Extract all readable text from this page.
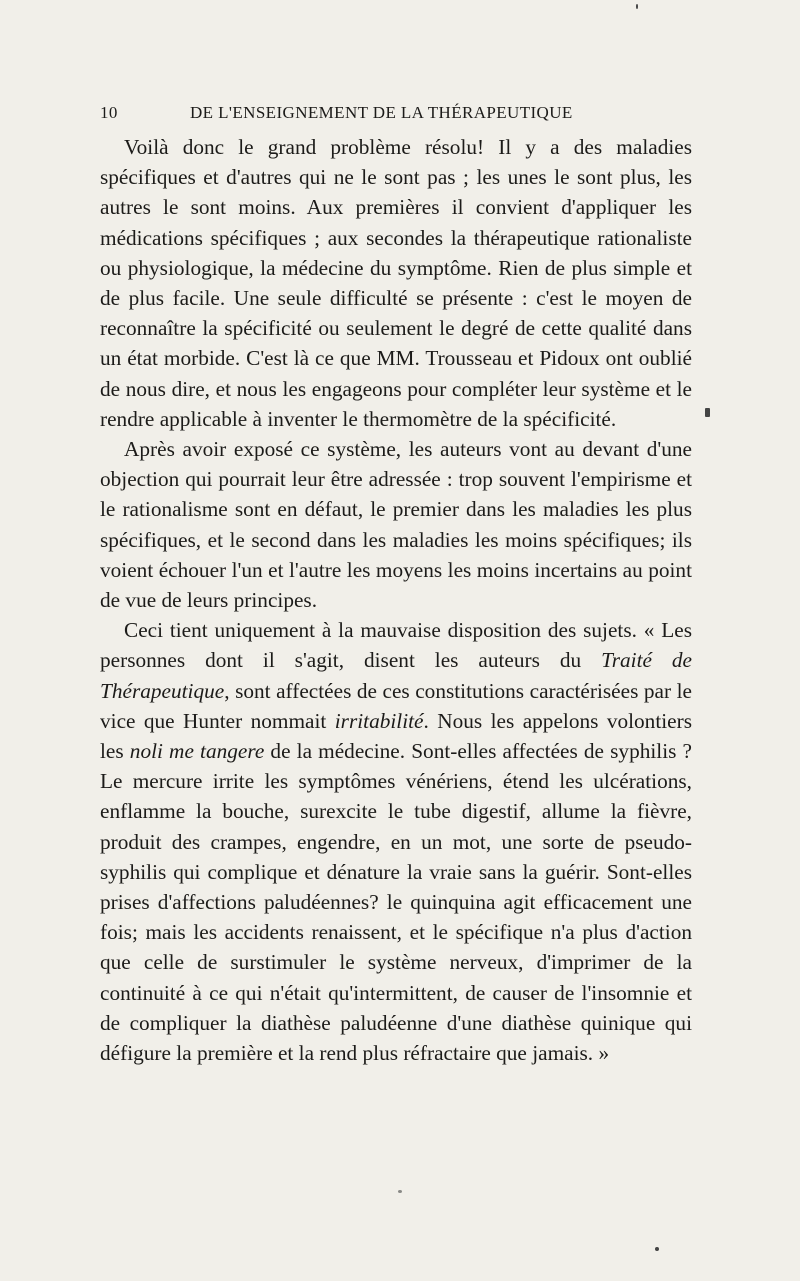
10	DE L'ENSEIGNEMENT DE LA THÉRAPEUTIQUE

Voilà donc le grand problème résolu! Il y a des maladies spécifiques et d'autres qui ne le sont pas ; les unes le sont plus, les autres le sont moins. Aux premières il convient d'appliquer les médications spécifiques ; aux secondes la thérapeutique rationaliste ou physiologique, la médecine du symptôme. Rien de plus simple et de plus facile. Une seule difficulté se présente : c'est le moyen de reconnaître la spécificité ou seulement le degré de cette qualité dans un état morbide. C'est là ce que MM. Trousseau et Pidoux ont oublié de nous dire, et nous les engageons pour compléter leur système et le rendre applicable à inventer le thermomètre de la spécificité.

Après avoir exposé ce système, les auteurs vont au devant d'une objection qui pourrait leur être adressée : trop souvent l'empirisme et le rationalisme sont en défaut, le premier dans les maladies les plus spécifiques, et le second dans les maladies les moins spécifiques; ils voient échouer l'un et l'autre les moyens les moins incertains au point de vue de leurs principes.

Ceci tient uniquement à la mauvaise disposition des sujets. « Les personnes dont il s'agit, disent les auteurs du Traité de Thérapeutique, sont affectées de ces constitutions caractérisées par le vice que Hunter nommait irritabilité. Nous les appelons volontiers les noli me tangere de la médecine. Sont-elles affectées de syphilis ? Le mercure irrite les symptômes vénériens, étend les ulcérations, enflamme la bouche, surexcite le tube digestif, allume la fièvre, produit des crampes, engendre, en un mot, une sorte de pseudo-syphilis qui complique et dénature la vraie sans la guérir. Sont-elles prises d'affections paludéennes? le quinquina agit efficacement une fois; mais les accidents renaissent, et le spécifique n'a plus d'action que celle de surstimuler le système nerveux, d'imprimer de la continuité à ce qui n'était qu'intermittent, de causer de l'insomnie et de compliquer la diathèse paludéenne d'une diathèse quinique qui défigure la première et la rend plus réfractaire que jamais. »
